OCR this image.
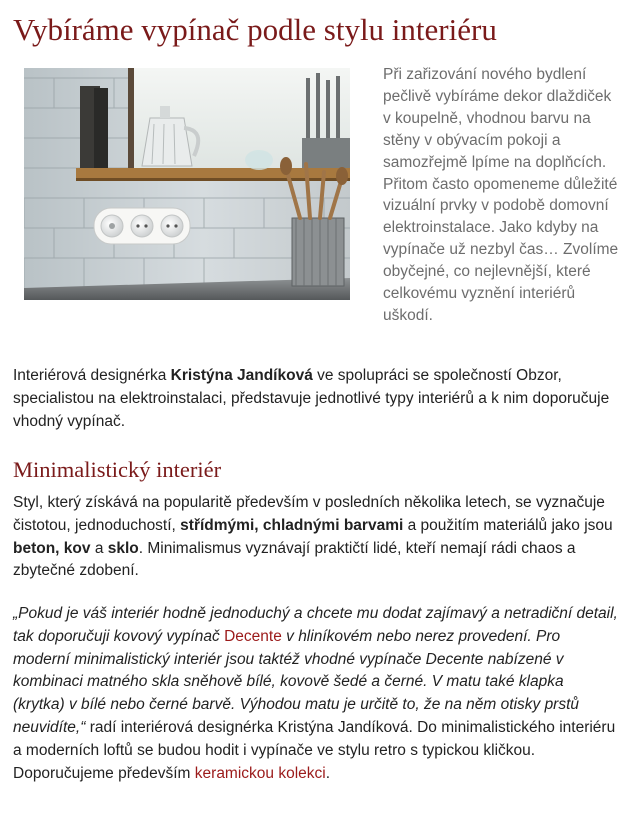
Vybíráme vypínač podle stylu interiéru
Při zařizování nového bydlení pečlivě vybíráme dekor dlaždiček v koupelně, vhodnou barvu na stěny v obývacím pokoji a samozřejmě lpíme na doplňcích. Přitom často opomeneme důležité vizuální prvky v podobě domovní elektroinstalace. Jako kdyby na vypínače už nezbyl čas… Zvolíme obyčejné, co nejlevnější, které celkovému vyznění interiérů uškodí.
Interiérová designérka Kristýna Jandíková ve spolupráci se společností Obzor, specialistou na elektroinstalaci, představuje jednotlivé typy interiérů a k nim doporučuje vhodný vypínač.
Minimalistický interiér
Styl, který získává na popularitě především v posledních několika letech, se vyznačuje čistotou, jednoduchostí, střídmými, chladnými barvami a použitím materiálů jako jsou beton, kov a sklo. Minimalismus vyznávají praktičtí lidé, kteří nemají rádi chaos a zbytečné zdobení.
„Pokud je váš interiér hodně jednoduchý a chcete mu dodat zajímavý a netradiční detail, tak doporučuji kovový vypínač Decente v hliníkovém nebo nerez provedení. Pro moderní minimalistický interiér jsou taktéž vhodné vypínače Decente nabízené v kombinaci matného skla sněhově bílé, kovově šedé a černé. V matu také klapka (krytka) v bílé nebo černé barvě. Výhodou matu je určitě to, že na něm otisky prstů neuvidíte,“ radí interiérová designérka Kristýna Jandíková. Do minimalistického interiéru a moderních loftů se budou hodit i vypínače ve stylu retro s typickou kličkou. Doporučujeme především keramickou kolekci.
